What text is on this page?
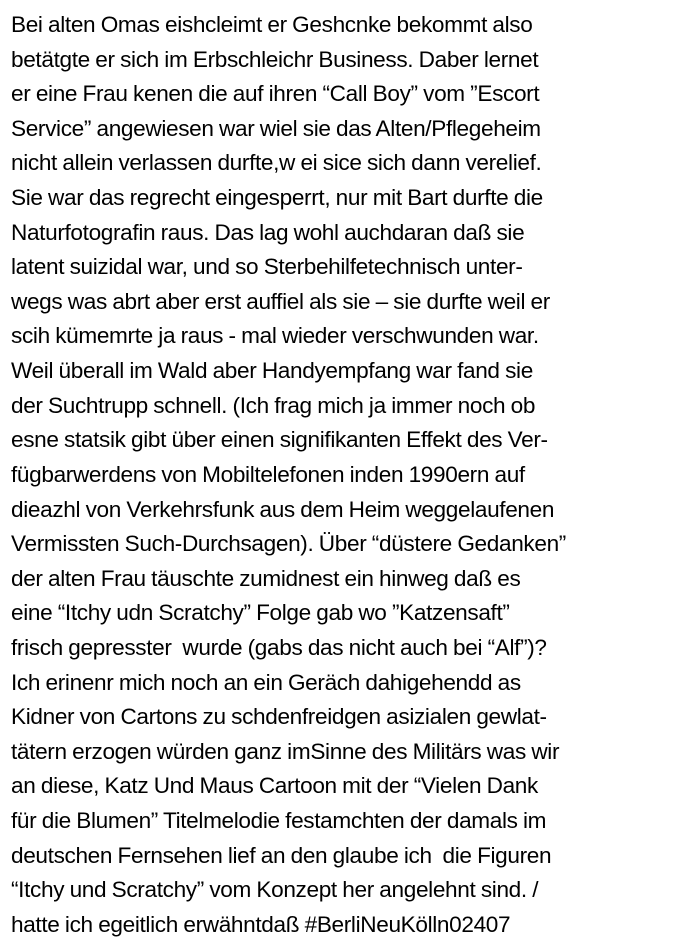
Bei alten Omas eishcleimt er Geshcnke bekommt also
betätgte er sich im Erbschleichr Business. Daber lernet
er eine Frau kenen die auf ihren “Call Boy” vom ”Escort
Service” angewiesen war wiel sie das Alten/Pflegeheim
nicht allein verlassen durfte,w ei sice sich dann verelief.
Sie war das regrecht eingesperrt, nur mit Bart durfte die
Naturfotografin raus. Das lag wohl auchdaran daß sie
latent suizidal war, und so Sterbehilfetechnisch unter-
wegs was abrt aber erst auffiel als sie – sie durfte weil er
scih kümemrte ja raus - mal wieder verschwunden war.
Weil überall im Wald aber Handyempfang war fand sie
der Suchtrupp schnell. (Ich frag mich ja immer noch ob
esne statsik gibt über einen signifikanten Effekt des Ver-
fügbarwerdens von Mobiltelefonen inden 1990ern auf
dieazhl von Verkehrsfunk aus dem Heim weggelaufenen
Vermissten Such-Durchsagen). Über “düstere Gedanken”
der alten Frau täuschte zumidnest ein hinweg daß es
eine “Itchy udn Scratchy” Folge gab wo ”Katzensaft”
frisch gepresster  wurde (gabs das nicht auch bei “Alf”)?
Ich erinenr mich noch an ein Geräch dahigehendd as
Kidner von Cartons zu schdenfreidgen asizialen gewlat-
tätern erzogen würden ganz imSinne des Militärs was wir
an diese, Katz Und Maus Cartoon mit der “Vielen Dank
für die Blumen” Titelmelodie festamchten der damals im
deutschen Fernsehen lief an den glaube ich  die Figuren
“Itchy und Scratchy” vom Konzept her angelehnt sind. /
hatte ich egeitlich erwähntdaß #BerliNeuKölln02407
